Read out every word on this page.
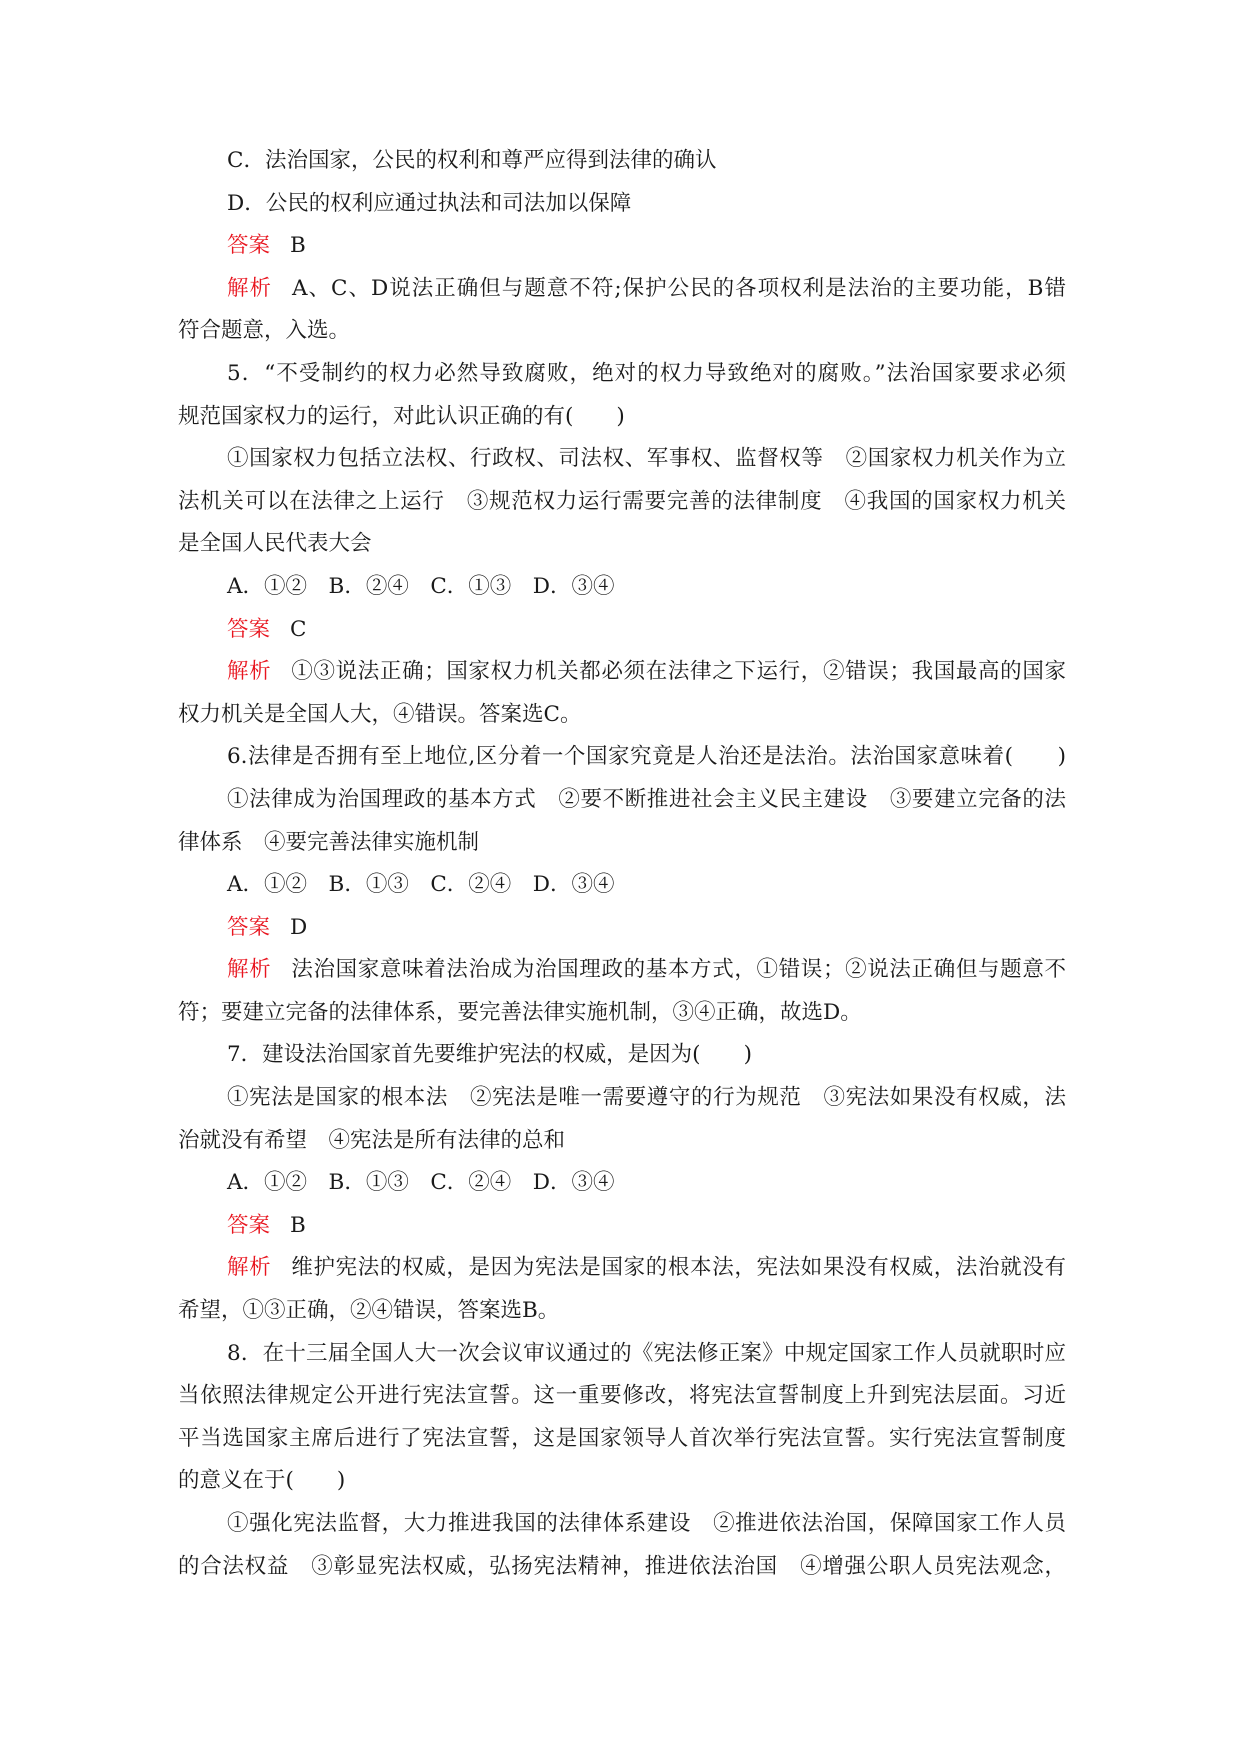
C．法治国家，公民的权利和尊严应得到法律的确认
D．公民的权利应通过执法和司法加以保障
答案 B
解析 A、C、D说法正确但与题意不符;保护公民的各项权利是法治的主要功能，B错
符合题意，入选。
5．“不受制约的权力必然导致腐败，绝对的权力导致绝对的腐败。”法治国家要求必须
规范国家权力的运行，对此认识正确的有(　　)
①国家权力包括立法权、行政权、司法权、军事权、监督权等　②国家权力机关作为立
法机关可以在法律之上运行　③规范权力运行需要完善的法律制度　④我国的国家权力机关
是全国人民代表大会
A．①②　B．②④　C．①③　D．③④
答案 C
解析 ①③说法正确；国家权力机关都必须在法律之下运行，②错误；我国最高的国家
权力机关是全国人大，④错误。答案选C。
6.法律是否拥有至上地位,区分着一个国家究竟是人治还是法治。法治国家意味着(　　)
①法律成为治国理政的基本方式　②要不断推进社会主义民主建设　③要建立完备的法
律体系　④要完善法律实施机制
A．①②　B．①③　C．②④　D．③④
答案 D
解析 法治国家意味着法治成为治国理政的基本方式，①错误；②说法正确但与题意不
符；要建立完备的法律体系，要完善法律实施机制，③④正确，故选D。
7．建设法治国家首先要维护宪法的权威，是因为(　　)
①宪法是国家的根本法　②宪法是唯一需要遵守的行为规范　③宪法如果没有权威，法
治就没有希望　④宪法是所有法律的总和
A．①②　B．①③　C．②④　D．③④
答案 B
解析 维护宪法的权威，是因为宪法是国家的根本法，宪法如果没有权威，法治就没有
希望，①③正确，②④错误，答案选B。
8．在十三届全国人大一次会议审议通过的《宪法修正案》中规定国家工作人员就职时应
当依照法律规定公开进行宪法宣誓。这一重要修改，将宪法宣誓制度上升到宪法层面。习近
平当选国家主席后进行了宪法宣誓，这是国家领导人首次举行宪法宣誓。实行宪法宣誓制度
的意义在于(　　)
①强化宪法监督，大力推进我国的法律体系建设　②推进依法治国，保障国家工作人员
的合法权益　③彰显宪法权威，弘扬宪法精神，推进依法治国　④增强公职人员宪法观念，
